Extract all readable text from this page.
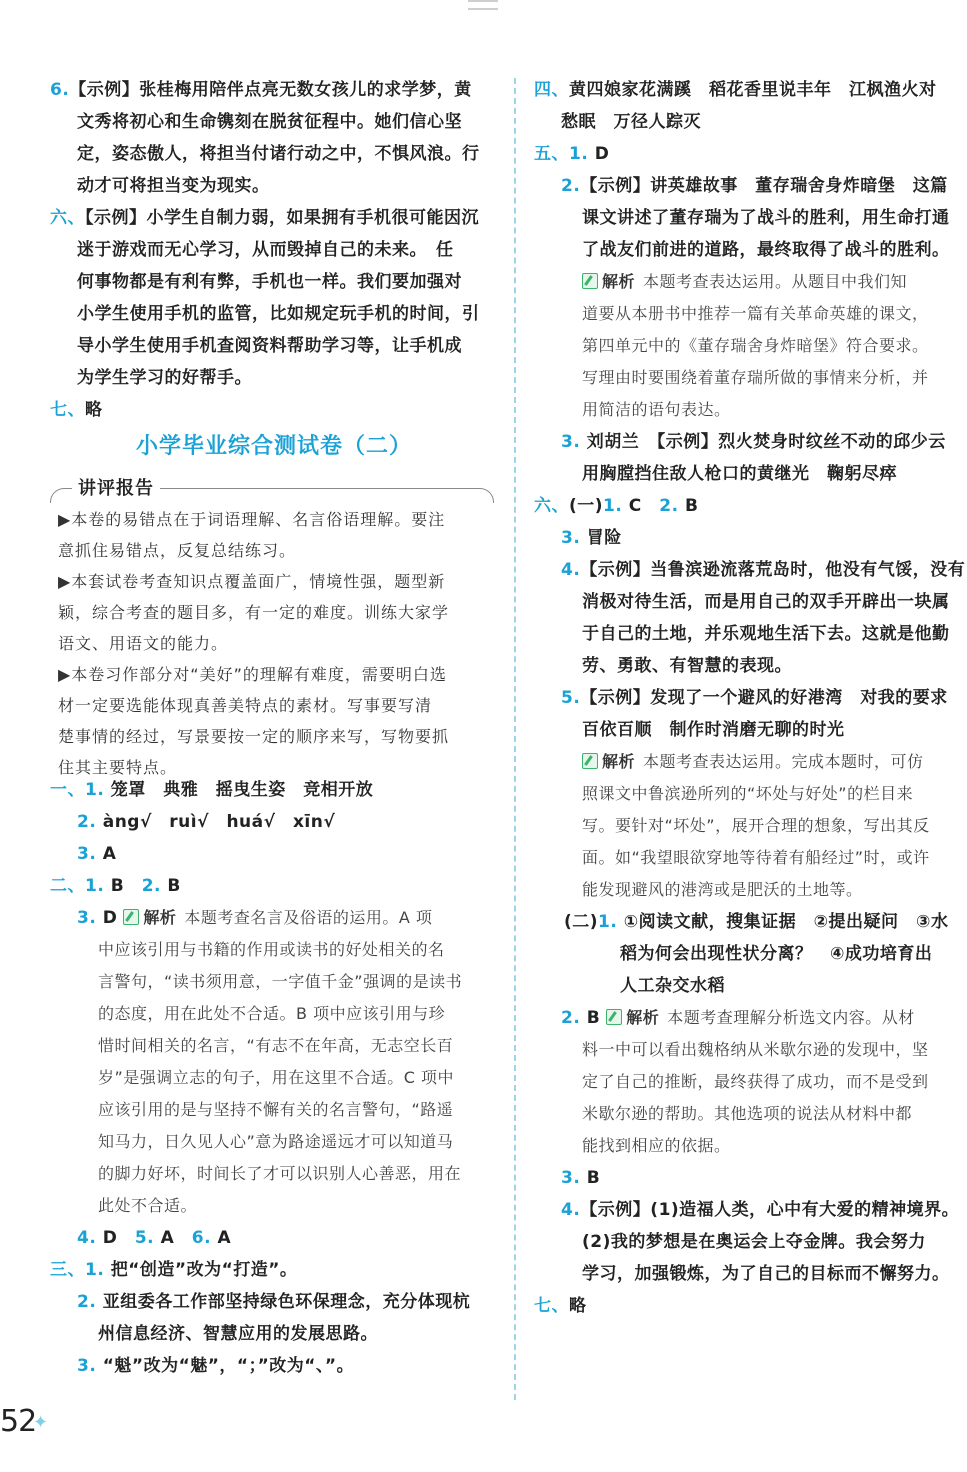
6.【示例】张桂梅用陪伴点亮无数女孩儿的求学梦，黄
文秀将初心和生命镌刻在脱贫征程中。她们信心坚
定，姿态傲人，将担当付诸行动之中，不惧风浪。行
动才可将担当变为现实。
六、【示例】小学生自制力弱，如果拥有手机很可能因沉
迷于游戏而无心学习，从而毁掉自己的未来。　任
何事物都是有利有弊，手机也一样。我们要加强对
小学生使用手机的监管，比如规定玩手机的时间，引
导小学生使用手机查阅资料帮助学习等，让手机成
为学生学习的好帮手。
七、略
小学毕业综合测试卷（二）
讲评报告
▶本卷的易错点在于词语理解、名言俗语理解。要注
意抓住易错点，反复总结练习。
▶本套试卷考查知识点覆盖面广，情境性强，题型新
颖，综合考查的题目多，有一定的难度。训练大家学
语文、用语文的能力。
▶本卷习作部分对“美好”的理解有难度，需要明白选
材一定要选能体现真善美特点的素材。写事要写清
楚事情的经过，写景要按一定的顺序来写，写物要抓
住其主要特点。
一、1. 笼罩　典雅　摇曳生姿　竞相开放
2. àng√　ruì√　huá√　xīn√
3. A
二、1. B　 2. B
3. D 解析 本题考查名言及俗语的运用。A 项
中应该引用与书籍的作用或读书的好处相关的名
言警句，“读书须用意，一字值千金”强调的是读书
的态度，用在此处不合适。B 项中应该引用与珍
惜时间相关的名言，“有志不在年高，无志空长百
岁”是强调立志的句子，用在这里不合适。C 项中
应该引用的是与坚持不懈有关的名言警句，“路遥
知马力，日久见人心”意为路途遥远才可以知道马
的脚力好坏，时间长了才可以识别人心善恶，用在
此处不合适。
4. D　 5. A　 6. A
三、1. 把“创造”改为“打造”。
2. 亚组委各工作部坚持绿色环保理念，充分体现杭
州信息经济、智慧应用的发展思路。
3. “魁”改为“魅”，“；”改为“、”。
四、黄四娘家花满蹊　稻花香里说丰年　江枫渔火对
愁眠　万径人踪灭
五、1. D
2.【示例】讲英雄故事　董存瑞舍身炸暗堡　这篇
课文讲述了董存瑞为了战斗的胜利，用生命打通
了战友们前进的道路，最终取得了战斗的胜利。
解析 本题考查表达运用。从题目中我们知
道要从本册书中推荐一篇有关革命英雄的课文，
第四单元中的《董存瑞舍身炸暗堡》符合要求。
写理由时要围绕着董存瑞所做的事情来分析，并
用简洁的语句表达。
3. 刘胡兰　【示例】烈火焚身时纹丝不动的邱少云
用胸膛挡住敌人枪口的黄继光　鞠躬尽瘁
六、(一)1. C　 2. B
3. 冒险
4.【示例】当鲁滨逊流落荒岛时，他没有气馁，没有
消极对待生活，而是用自己的双手开辟出一块属
于自己的土地，并乐观地生活下去。这就是他勤
劳、勇敢、有智慧的表现。
5.【示例】发现了一个避风的好港湾　对我的要求
百依百顺　制作时消磨无聊的时光
解析 本题考查表达运用。完成本题时，可仿
照课文中鲁滨逊所列的“坏处与好处”的栏目来
写。要针对“坏处”，展开合理的想象，写出其反
面。如“我望眼欲穿地等待着有船经过”时，或许
能发现避风的港湾或是肥沃的土地等。
(二)1. ①阅读文献，搜集证据　②提出疑问　③水
稻为何会出现性状分离？　④成功培育出
人工杂交水稻
2. B 解析 本题考查理解分析选文内容。从材
料一中可以看出魏格纳从米歇尔逊的发现中，坚
定了自己的推断，最终获得了成功，而不是受到
米歇尔逊的帮助。其他选项的说法从材料中都
能找到相应的依据。
3. B
4.【示例】(1)造福人类，心中有大爱的精神境界。
(2)我的梦想是在奥运会上夺金牌。我会努力
学习，加强锻炼，为了自己的目标而不懈努力。
七、略
52
✦
